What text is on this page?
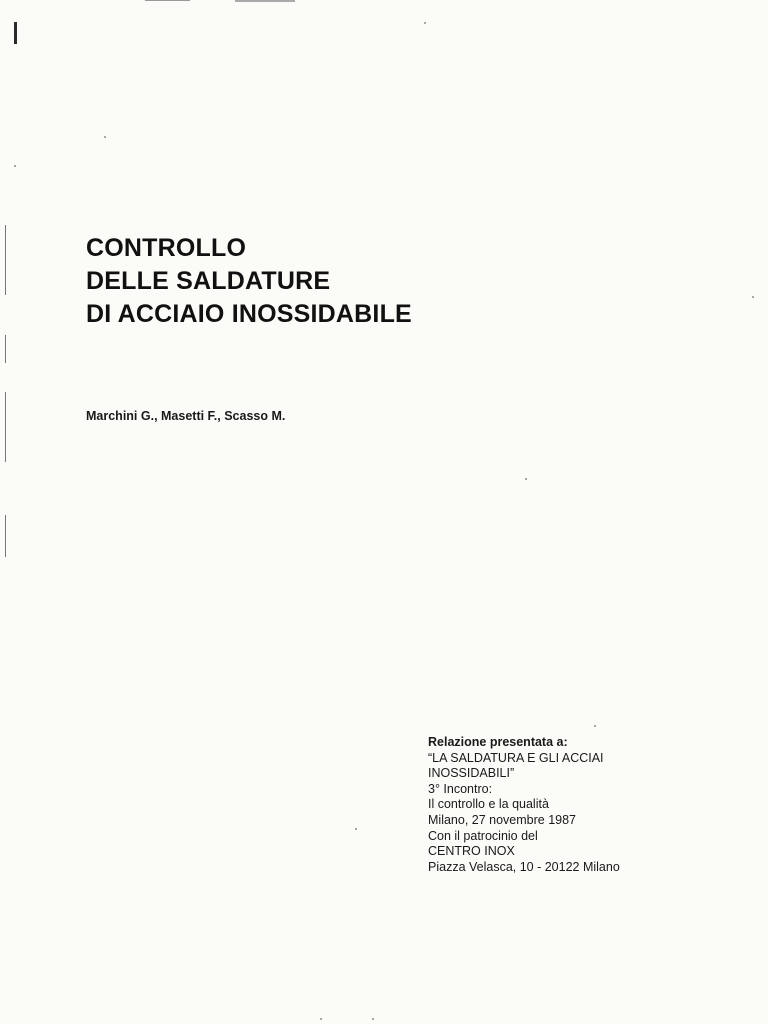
CONTROLLO
DELLE SALDATURE
DI ACCIAIO INOSSIDABILE
Marchini G., Masetti F., Scasso M.
Relazione presentata a:
“LA SALDATURA E GLI ACCIAI
INOSSIDABILI”
3° Incontro:
Il controllo e la qualità
Milano, 27 novembre 1987
Con il patrocinio del
CENTRO INOX
Piazza Velasca, 10 - 20122 Milano
